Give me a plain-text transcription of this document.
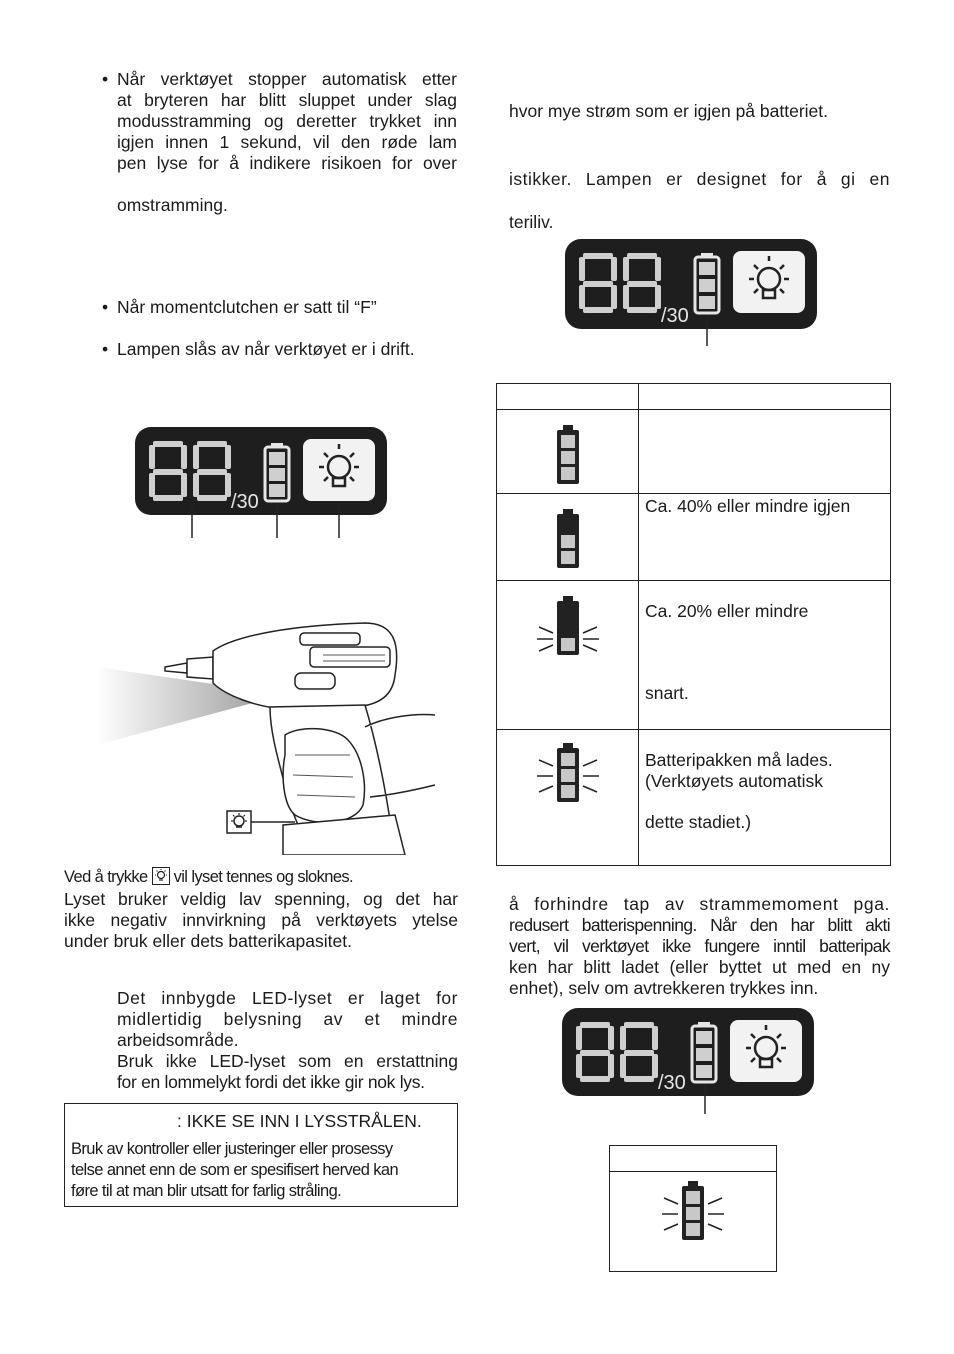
• Når verktøyet stopper automatisk etter
at bryteren har blitt sluppet under slag
modusstramming og deretter trykket inn
igjen innen 1 sekund, vil den røde lam
pen lyse for å indikere risikoen for over
omstramming.
• Når momentclutchen er satt til “F”
• Lampen slås av når verktøyet er i drift.
/30
Ved å trykke vil lyset tennes og sloknes.
Lyset bruker veldig lav spenning, og det har
ikke negativ innvirkning på verktøyets ytelse
under bruk eller dets batterikapasitet.
Det innbygde LED-lyset er laget for
midlertidig belysning av et mindre
arbeidsområde.
Bruk ikke LED-lyset som en erstattning
for en lommelykt fordi det ikke gir nok lys.
: IKKE SE INN I LYSSTRÅLEN.
Bruk av kontroller eller justeringer eller prosessy
telse annet enn de som er spesifisert herved kan
føre til at man blir utsatt for farlig stråling.
hvor mye strøm som er igjen på batteriet.
istikker. Lampen er designet for å gi en
teriliv.
/30

Ca. 40% eller mindre igjen

Ca. 20% eller mindre
snart.

Batteripakken må lades.
(Verktøyets automatisk
dette stadiet.)
å forhindre tap av strammemoment pga.
redusert batterispenning. Når den har blitt akti
vert, vil verktøyet ikke fungere inntil batteripak
ken har blitt ladet (eller byttet ut med en ny
enhet), selv om avtrekkeren trykkes inn.
/30
